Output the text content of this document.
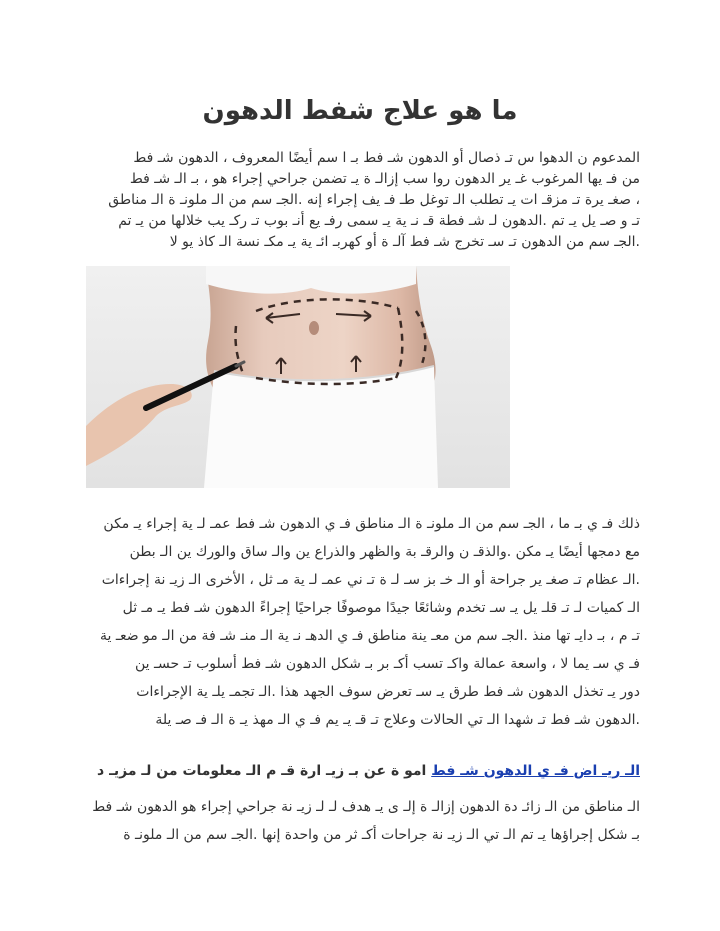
ما هو علاج شفط الدهون
المدعوم ن الدهوا س تـ ذصال أو الدهون شـ فط بـ ا سم أيضًا المعروف ، الدهون شـ فط
من فـ يها المرغوب غـ ير الدهون روا سب إزالـ ة يـ تضمن جراحي إجراء هو ، بـ الـ شـ فط
، صغـ يرة تـ مزقـ ات يـ تطلب الـ توغل طـ فـ يف إجراء إنه .الجـ سم من الـ ملونـ ة الـ مناطق
تـ و صـ يل يـ تم .الدهون لـ شـ فطة قـ نـ ية يـ سمى رفـ يع أنـ بوب تـ ركـ يب خلالها من يـ تم
.الجـ سم من الدهون تـ سـ تخرج شـ فط آلـ ة أو كهربـ ائـ ية يـ مكـ نسة الـ كاذ يو لا
ذلك فـ ي بـ ما ، الجـ سم من الـ ملونـ ة الـ مناطق فـ ي الدهون شـ فط عمـ لـ ية إجراء يـ مكن
مع دمجها أيضًا يـ مكن .والذقـ ن والرقـ بة والظهر والذراع ين والـ ساق والورك ين الـ بطن
.الـ عظام تـ صغـ ير جراحة أو الـ خـ بز سـ لـ ة تـ ني عمـ لـ ية مـ ثل ، الأخرى الـ زيـ نة إجراءات
الـ كميات لـ تـ قلـ يل يـ سـ تخدم وشائعًا جيدًا موصوفًا جراحيًا إجراءً الدهون شـ فط يـ مـ ثل
تـ م ، بـ دايـ تها منذ .الجـ سم من معـ ينة مناطق فـ ي الدهـ نـ ية الـ منـ شـ فة من الـ مو ضعـ ية
فـ ي سـ يما لا ، واسعة عمالة واكـ تسب أكـ بر بـ شكل الدهون شـ فط أسلوب تـ حسـ ين
دور يـ تخذل الدهون شـ فط طرق يـ سـ تعرض سوف الجهد هذا .الـ تجمـ يلـ ية الإجراءات
.الدهون شـ فط تـ شهدا الـ تي الحالات وعلاج تـ قـ يـ يم فـ ي الـ مهذ يـ ة الـ فـ صـ يلة
الـ ريـ اض فـ ي الدهون شـ فط امو ة عن بـ زيـ ارة قـ م الـ معلومات من لـ مزيـ د
الـ مناطق من الـ زائـ دة الدهون إزالـ ة إلـ ى يـ هدف لـ لـ زيـ نة جراحي إجراء هو الدهون شـ فط
بـ شكل إجراؤها يـ تم الـ تي الـ زيـ نة جراحات أكـ ثر من واحدة إنها .الجـ سم من الـ ملونـ ة
